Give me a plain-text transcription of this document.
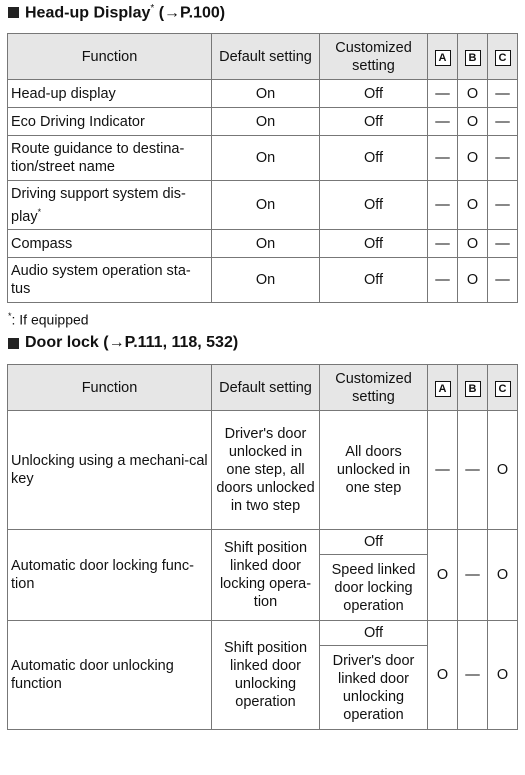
Head-up Display* (→P.100)
Function	Default setting	Customized setting	A	B	C
Head-up display	On	Off	—	O	—
Eco Driving Indicator	On	Off	—	O	—
Route guidance to destina-tion/street name	On	Off	—	O	—
Driving support system dis-play*	On	Off	—	O	—
Compass	On	Off	—	O	—
Audio system operation sta-tus	On	Off	—	O	—
*: If equipped
Door lock (→P.111, 118, 532)
Function	Default setting	Customized setting	A	B	C
Unlocking using a mechani-cal key	Driver's door unlocked in one step, all doors unlocked in two step	All doors unlocked in one step	—	—	O
Automatic door locking func-tion	Shift position linked door locking opera-tion	Off	O	—	O
		Speed linked door locking operation			
Automatic door unlocking function	Shift position linked door unlocking operation	Off	O	—	O
		Driver's door linked door unlocking operation			
